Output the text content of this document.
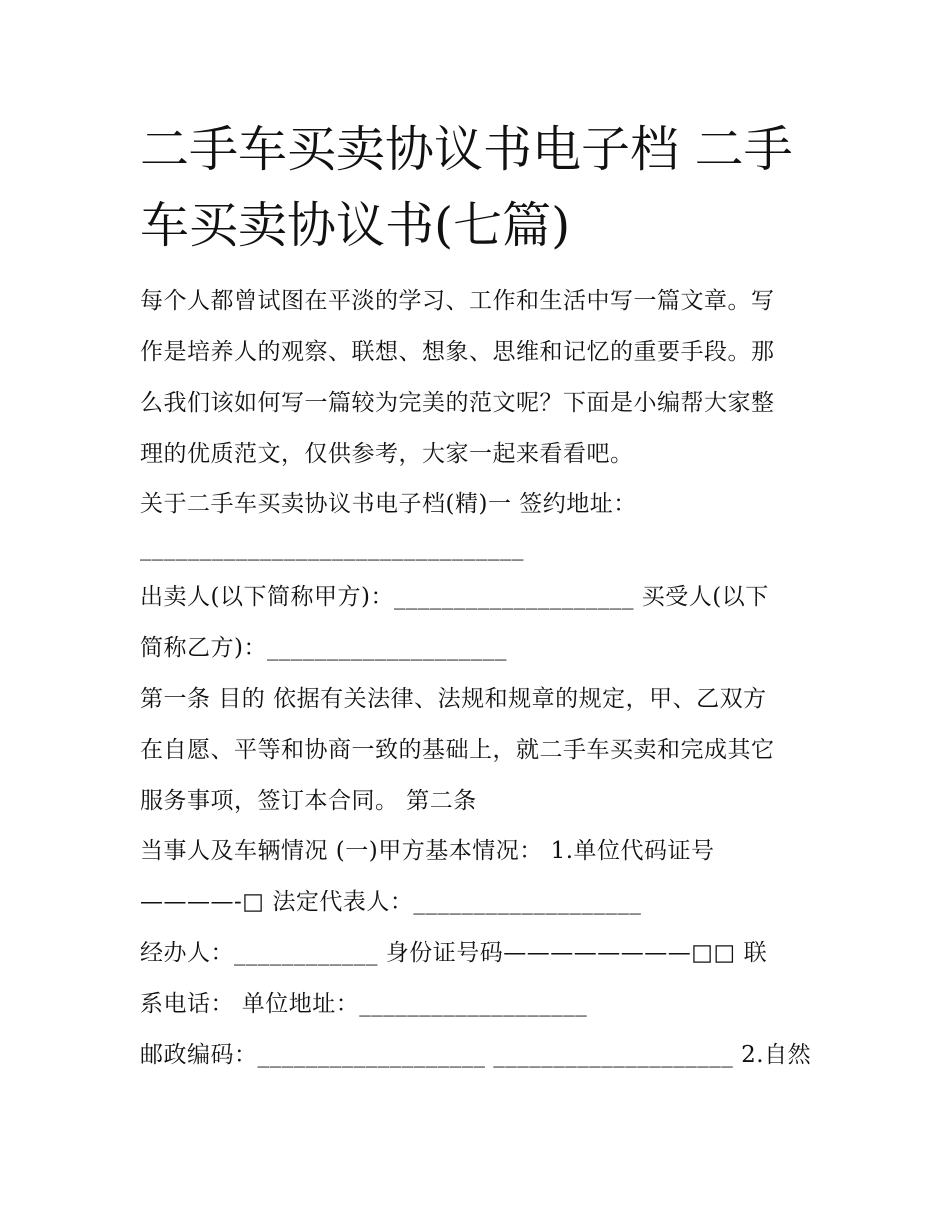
二手车买卖协议书电子档 二手
车买卖协议书(七篇)
每个人都曾试图在平淡的学习、工作和生活中写一篇文章。写
作是培养人的观察、联想、想象、思维和记忆的重要手段。那
么我们该如何写一篇较为完美的范文呢？下面是小编帮大家整
理的优质范文，仅供参考，大家一起来看看吧。
关于二手车买卖协议书电子档(精)一 签约地址：
________________________________
出卖人(以下简称甲方)：____________________ 买受人(以下
简称乙方)：____________________
第一条 目的 依据有关法律、法规和规章的规定，甲、乙双方
在自愿、平等和协商一致的基础上，就二手车买卖和完成其它
服务事项，签订本合同。 第二条
当事人及车辆情况 (一)甲方基本情况： 1.单位代码证号
————-□ 法定代表人：___________________
经办人：____________ 身份证号码————————□□ 联
系电话： 单位地址：___________________
邮政编码：___________________ ____________________ 2.自然
